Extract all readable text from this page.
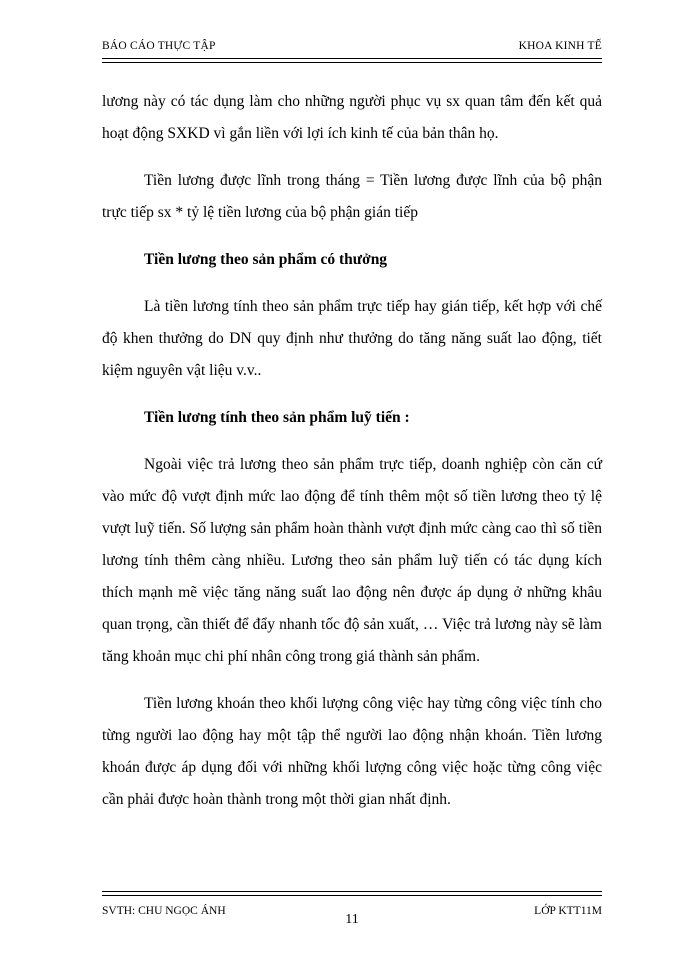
BÁO CÁO THỰC TẬP	KHOA KINH TẾ

lương này có tác dụng làm cho những người phục vụ sx quan tâm đến kết quả hoạt động SXKD vì gắn liền với lợi ích kinh tế của bản thân họ.

Tiền lương được lĩnh trong tháng = Tiền lương được lĩnh của bộ phận trực tiếp sx * tỷ lệ tiền lương của bộ phận gián tiếp

Tiền lương theo sản phẩm có thưởng

Là tiền lương tính theo sản phẩm trực tiếp hay gián tiếp, kết hợp với chế độ khen thưởng do DN quy định như thưởng do tăng năng suất lao động, tiết kiệm nguyên vật liệu v.v..

Tiền lương tính theo sản phẩm luỹ tiến :

Ngoài việc trả lương theo sản phẩm trực tiếp, doanh nghiệp còn căn cứ vào mức độ vượt định mức lao động để tính thêm một số tiền lương theo tỷ lệ vượt luỹ tiến. Số lượng sản phẩm hoàn thành vượt định mức càng cao thì số tiền lương tính thêm càng nhiều. Lương theo sản phẩm luỹ tiến có tác dụng kích thích mạnh mẽ việc tăng năng suất lao động nên được áp dụng ở những khâu quan trọng, cần thiết để đẩy nhanh tốc độ sản xuất, … Việc trả lương này sẽ làm tăng khoản mục chi phí nhân công trong giá thành sản phẩm.

Tiền lương khoán theo khối lượng công việc hay từng công việc tính cho từng người lao động hay một tập thể người lao động nhận khoán. Tiền lương khoán được áp dụng đối với những khối lượng công việc hoặc từng công việc cần phải được hoàn thành trong một thời gian nhất định.

SVTH: CHU NGỌC ÁNH
11
LỚP KTT11M
